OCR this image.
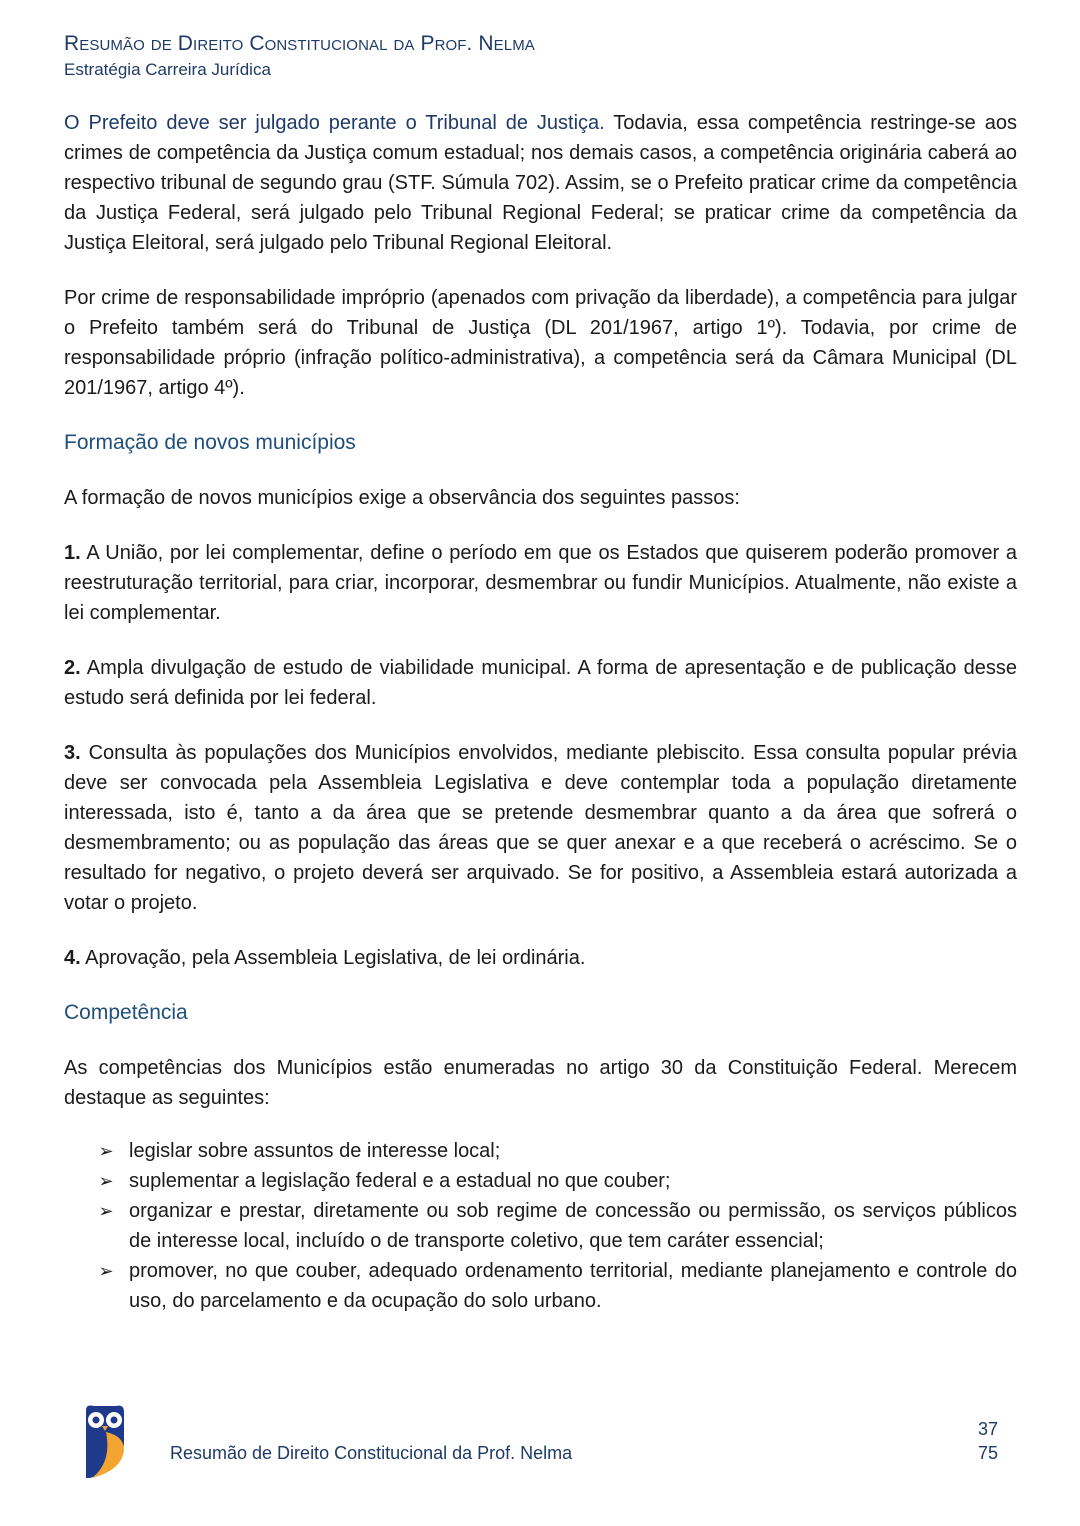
Resumão de Direito Constitucional da Prof. Nelma
Estratégia Carreira Jurídica

O Prefeito deve ser julgado perante o Tribunal de Justiça. Todavia, essa competência restringe-se aos crimes de competência da Justiça comum estadual; nos demais casos, a competência originária caberá ao respectivo tribunal de segundo grau (STF. Súmula 702). Assim, se o Prefeito praticar crime da competência da Justiça Federal, será julgado pelo Tribunal Regional Federal; se praticar crime da competência da Justiça Eleitoral, será julgado pelo Tribunal Regional Eleitoral.

Por crime de responsabilidade impróprio (apenados com privação da liberdade), a competência para julgar o Prefeito também será do Tribunal de Justiça (DL 201/1967, artigo 1º). Todavia, por crime de responsabilidade próprio (infração político-administrativa), a competência será da Câmara Municipal (DL 201/1967, artigo 4º).

Formação de novos municípios

A formação de novos municípios exige a observância dos seguintes passos:

1. A União, por lei complementar, define o período em que os Estados que quiserem poderão promover a reestruturação territorial, para criar, incorporar, desmembrar ou fundir Municípios. Atualmente, não existe a lei complementar.

2. Ampla divulgação de estudo de viabilidade municipal. A forma de apresentação e de publicação desse estudo será definida por lei federal.

3. Consulta às populações dos Municípios envolvidos, mediante plebiscito. Essa consulta popular prévia deve ser convocada pela Assembleia Legislativa e deve contemplar toda a população diretamente interessada, isto é, tanto a da área que se pretende desmembrar quanto a da área que sofrerá o desmembramento; ou as população das áreas que se quer anexar e a que receberá o acréscimo. Se o resultado for negativo, o projeto deverá ser arquivado. Se for positivo, a Assembleia estará autorizada a votar o projeto.

4. Aprovação, pela Assembleia Legislativa, de lei ordinária.

Competência

As competências dos Municípios estão enumeradas no artigo 30 da Constituição Federal. Merecem destaque as seguintes:

➢ legislar sobre assuntos de interesse local;
➢ suplementar a legislação federal e a estadual no que couber;
➢ organizar e prestar, diretamente ou sob regime de concessão ou permissão, os serviços públicos de interesse local, incluído o de transporte coletivo, que tem caráter essencial;
➢ promover, no que couber, adequado ordenamento territorial, mediante planejamento e controle do uso, do parcelamento e da ocupação do solo urbano.
Resumão de Direito Constitucional da Prof. Nelma
37
75
